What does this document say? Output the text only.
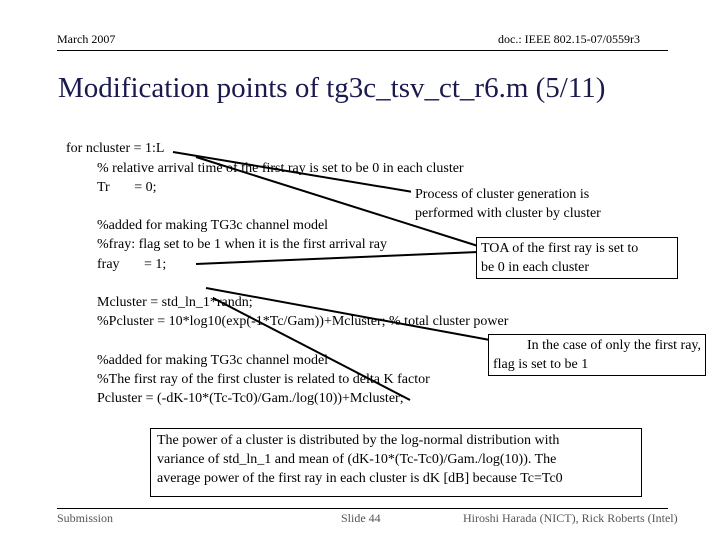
March 2007	doc.: IEEE 802.15-07/0559r3
Modification points of tg3c_tsv_ct_r6.m (5/11)
for ncluster = 1:L
% relative arrival time of the first ray is set to be 0 in each cluster
Tr       = 0;
%added for making TG3c channel model
%fray: flag set to be 1 when it is the first arrival ray
fray       = 1;
Mcluster = std_ln_1*randn;
%Pcluster = 10*log10(exp(-1*Tc/Gam))+Mcluster; % total cluster power
%added for making TG3c channel model
%The first ray of the first cluster is related to delta K factor
Pcluster = (-dK-10*(Tc-Tc0)/Gam./log(10))+Mcluster;
Process of cluster generation is
performed with cluster by cluster
TOA of the first ray is set to
be 0 in each cluster
In the case of only the first ray,
flag is set to be 1
The power of a cluster is distributed by the log-normal distribution with
variance of std_ln_1 and mean of (dK-10*(Tc-Tc0)/Gam./log(10)). The
average power of the first ray in each cluster is dK [dB] because Tc=Tc0
Submission	Slide 44	Hiroshi Harada (NICT), Rick Roberts (Intel)
